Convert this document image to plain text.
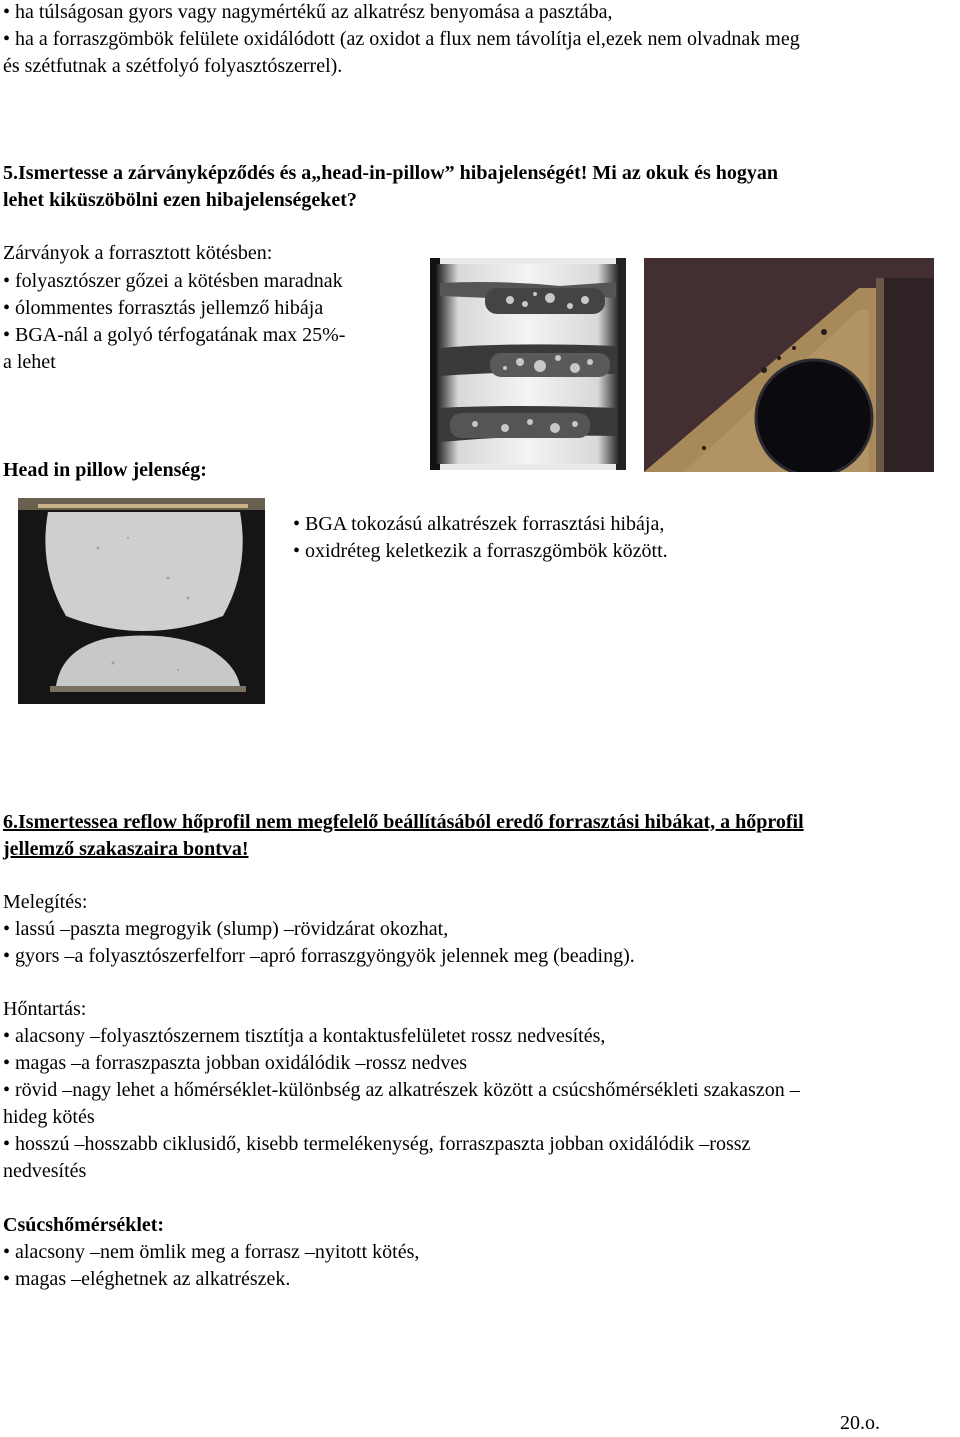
• ha túlságosan gyors vagy nagymértékű az alkatrész benyomása a pasztába,
• ha a forraszgömbök felülete oxidálódott (az oxidot a flux nem távolítja el,ezek nem olvadnak meg
és szétfutnak a szétfolyó folyasztószerrel).
5.Ismertesse a zárványképződés és a„head-in-pillow” hibajelenségét! Mi az okuk és hogyan
lehet kiküszöbölni ezen hibajelenségeket?
Zárványok a forrasztott kötésben:
• folyasztószer gőzei a kötésben maradnak
• ólommentes forrasztás jellemző hibája
• BGA-nál a golyó térfogatának max 25%-
a lehet
Head in pillow jelenség:
• BGA tokozású alkatrészek forrasztási hibája,
• oxidréteg keletkezik a forraszgömbök között.
6.Ismertessea reflow hőprofil nem megfelelő beállításából eredő forrasztási hibákat, a hőprofil
jellemző szakaszaira bontva!
Melegítés:
• lassú –paszta megrogyik (slump) –rövidzárat okozhat,
• gyors –a folyasztószerfelforr –apró forraszgyöngyök jelennek meg (beading).
Hőntartás:
• alacsony –folyasztószernem tisztítja a kontaktusfelületet rossz nedvesítés,
• magas –a forraszpaszta jobban oxidálódik –rossz nedves
• rövid –nagy lehet a hőmérséklet-különbség az alkatrészek között a csúcshőmérsékleti szakaszon –
hideg kötés
• hosszú –hosszabb ciklusidő, kisebb termelékenység, forraszpaszta jobban oxidálódik –rossz
nedvesítés
Csúcshőmérséklet:
• alacsony –nem ömlik meg a forrasz –nyitott kötés,
• magas –eléghetnek az alkatrészek.
20.o.
